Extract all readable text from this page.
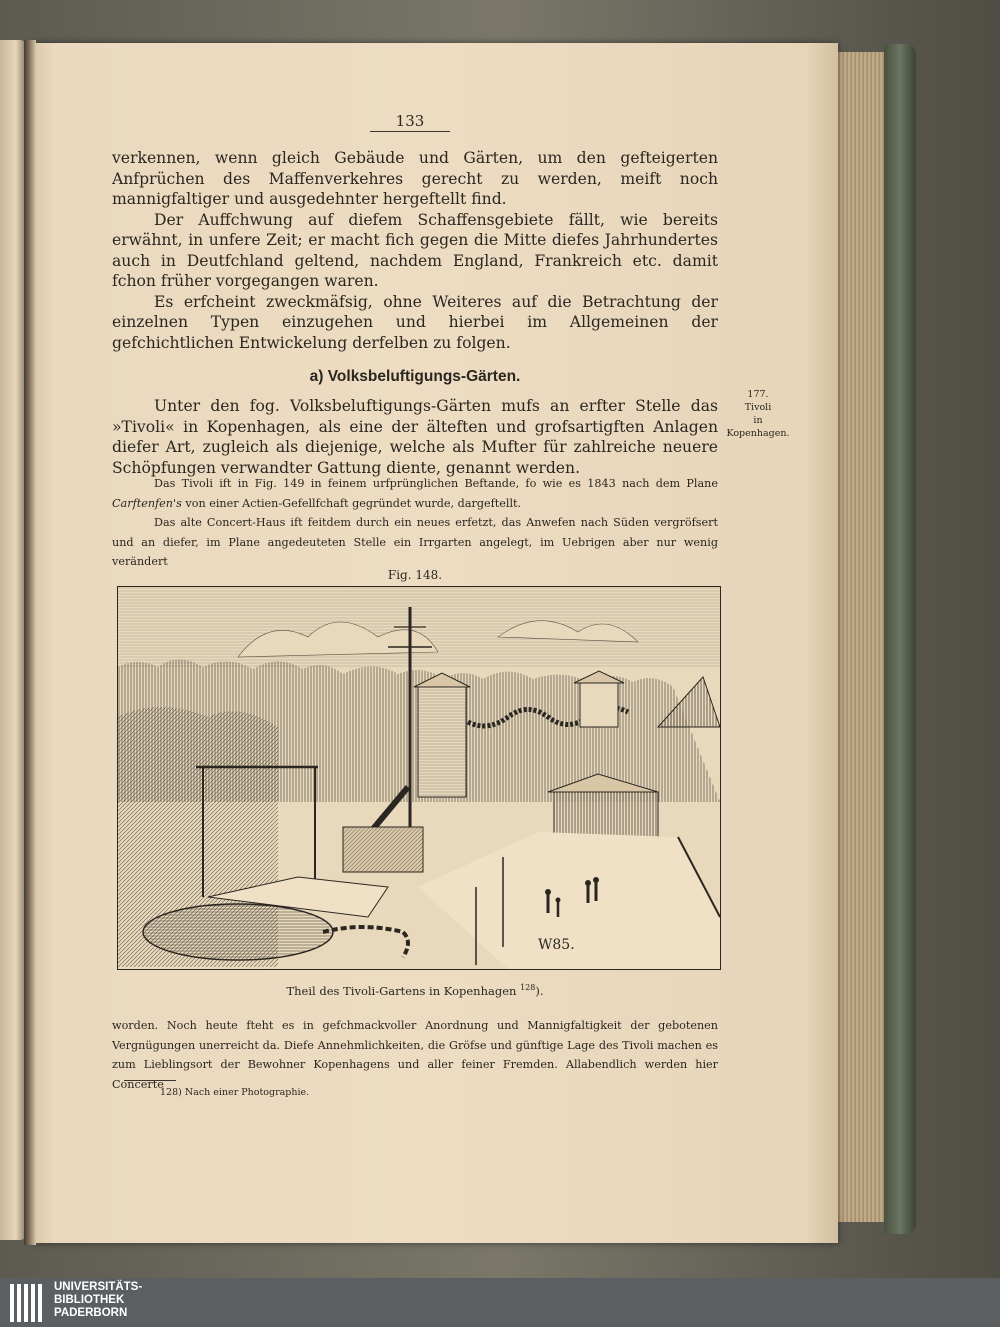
133

verkennen, wenn gleich Gebäude und Gärten, um den gefteigerten Anfprüchen des Maffenverkehres gerecht zu werden, meift noch mannigfaltiger und ausgedehnter hergeftellt find.

Der Auffchwung auf diefem Schaffensgebiete fällt, wie bereits erwähnt, in unfere Zeit; er macht fich gegen die Mitte diefes Jahrhundertes auch in Deutfchland geltend, nachdem England, Frankreich etc. damit fchon früher vorgegangen waren.

Es erfcheint zweckmäfsig, ohne Weiteres auf die Betrachtung der einzelnen Typen einzugehen und hierbei im Allgemeinen der gefchichtlichen Entwickelung derfelben zu folgen.

a) Volksbeluftigungs-Gärten.

Unter den fog. Volksbeluftigungs-Gärten mufs an erfter Stelle das »Tivoli« in Kopenhagen, als eine der älteften und grofsartigften Anlagen diefer Art, zugleich als diejenige, welche als Mufter für zahlreiche neuere Schöpfungen verwandter Gattung diente, genannt werden.

177.
Tivoli
in
Kopenhagen.

Das Tivoli ift in Fig. 149 in feinem urfprünglichen Beftande, fo wie es 1843 nach dem Plane Carftenfen's von einer Actien-Gefellfchaft gegründet wurde, dargeftellt.

Das alte Concert-Haus ift feitdem durch ein neues erfetzt, das Anwefen nach Süden vergröfsert und an diefer, im Plane angedeuteten Stelle ein Irrgarten angelegt, im Uebrigen aber nur wenig verändert

Fig. 148.
W85.
Theil des Tivoli-Gartens in Kopenhagen $^{128}$).

worden. Noch heute fteht es in gefchmackvoller Anordnung und Mannigfaltigkeit der gebotenen Vergnügungen unerreicht da. Diefe Annehmlichkeiten, die Gröfse und günftige Lage des Tivoli machen es zum Lieblingsort der Bewohner Kopenhagens und aller feiner Fremden. Allabendlich werden hier Concerte

128) Nach einer Photographie.
UNIVERSITÄTS-
BIBLIOTHEK
PADERBORN
